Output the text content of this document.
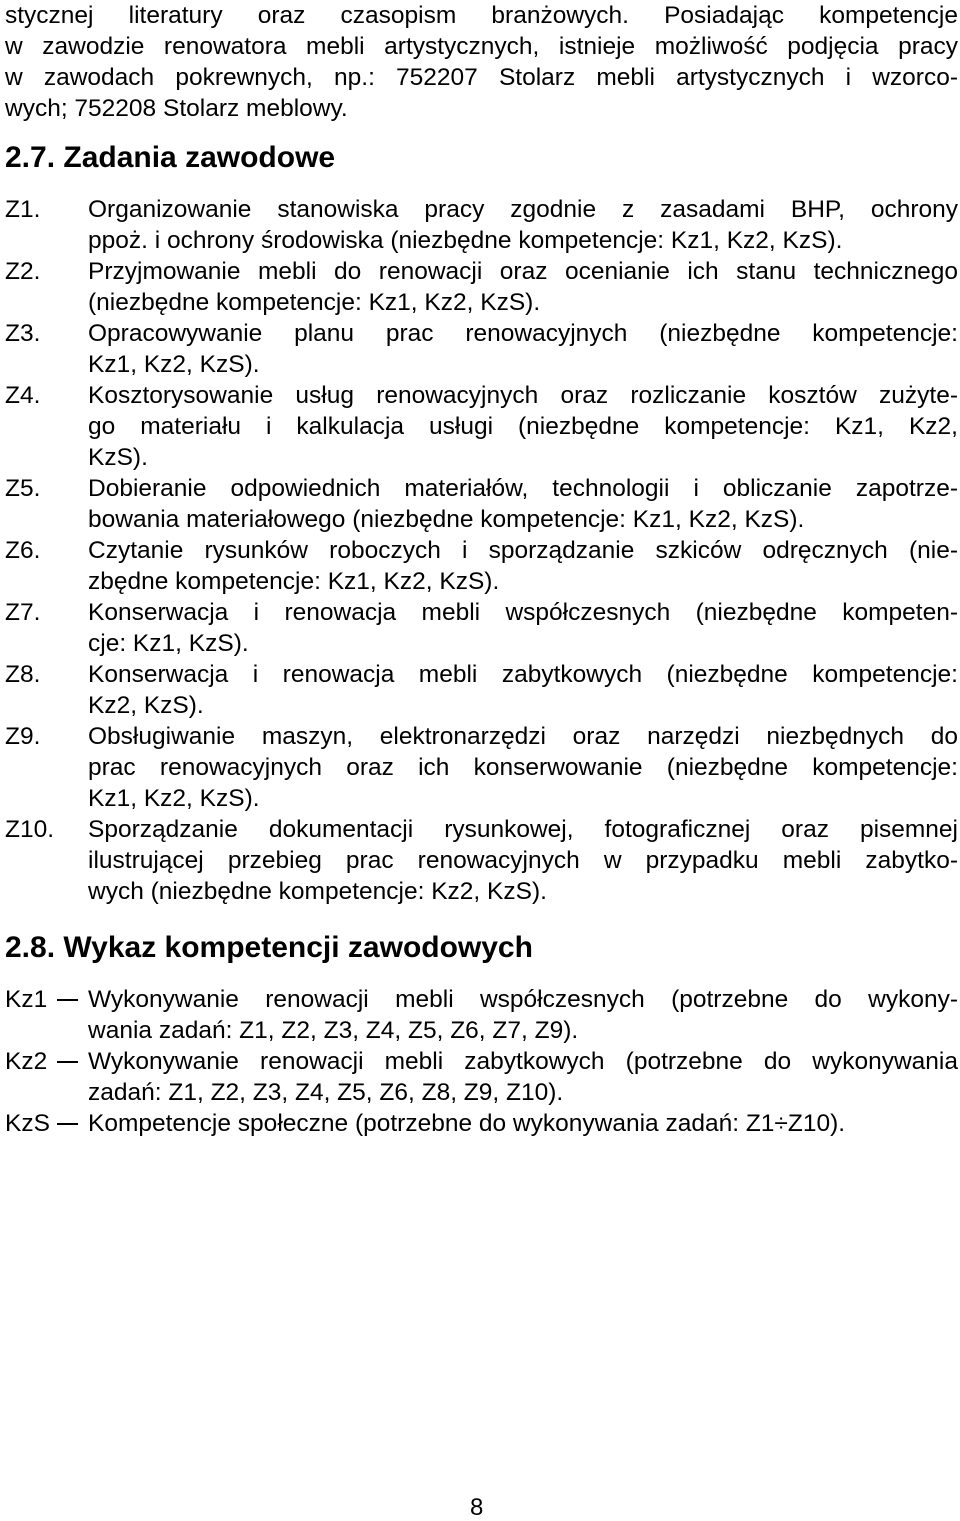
stycznej literatury oraz czasopism branżowych. Posiadając kompetencje
w zawodzie renowatora mebli artystycznych, istnieje możliwość podjęcia pracy
w zawodach pokrewnych, np.: 752207 Stolarz mebli artystycznych i wzorco-
wych; 752208 Stolarz meblowy.
2.7. Zadania zawodowe
Z1. Organizowanie stanowiska pracy zgodnie z zasadami BHP, ochrony
ppoż. i ochrony środowiska (niezbędne kompetencje: Kz1, Kz2, KzS).
Z2. Przyjmowanie mebli do renowacji oraz ocenianie ich stanu technicznego
(niezbędne kompetencje: Kz1, Kz2, KzS).
Z3. Opracowywanie planu prac renowacyjnych (niezbędne kompetencje:
Kz1, Kz2, KzS).
Z4. Kosztorysowanie usług renowacyjnych oraz rozliczanie kosztów zużyte-
go materiału i kalkulacja usługi (niezbędne kompetencje: Kz1, Kz2,
KzS).
Z5. Dobieranie odpowiednich materiałów, technologii i obliczanie zapotrze-
bowania materiałowego (niezbędne kompetencje: Kz1, Kz2, KzS).
Z6. Czytanie rysunków roboczych i sporządzanie szkiców odręcznych (nie-
zbędne kompetencje: Kz1, Kz2, KzS).
Z7. Konserwacja i renowacja mebli współczesnych (niezbędne kompeten-
cje: Kz1, KzS).
Z8. Konserwacja i renowacja mebli zabytkowych (niezbędne kompetencje:
Kz2, KzS).
Z9. Obsługiwanie maszyn, elektronarzędzi oraz narzędzi niezbędnych do
prac renowacyjnych oraz ich konserwowanie (niezbędne kompetencje:
Kz1, Kz2, KzS).
Z10. Sporządzanie dokumentacji rysunkowej, fotograficznej oraz pisemnej
ilustrującej przebieg prac renowacyjnych w przypadku mebli zabytko-
wych (niezbędne kompetencje: Kz2, KzS).
2.8. Wykaz kompetencji zawodowych
Kz1 Wykonywanie renowacji mebli współczesnych (potrzebne do wykony-
wania zadań: Z1, Z2, Z3, Z4, Z5, Z6, Z7, Z9).
Kz2 Wykonywanie renowacji mebli zabytkowych (potrzebne do wykonywania
zadań: Z1, Z2, Z3, Z4, Z5, Z6, Z8, Z9, Z10).
KzS Kompetencje społeczne (potrzebne do wykonywania zadań: Z1÷Z10).
8
